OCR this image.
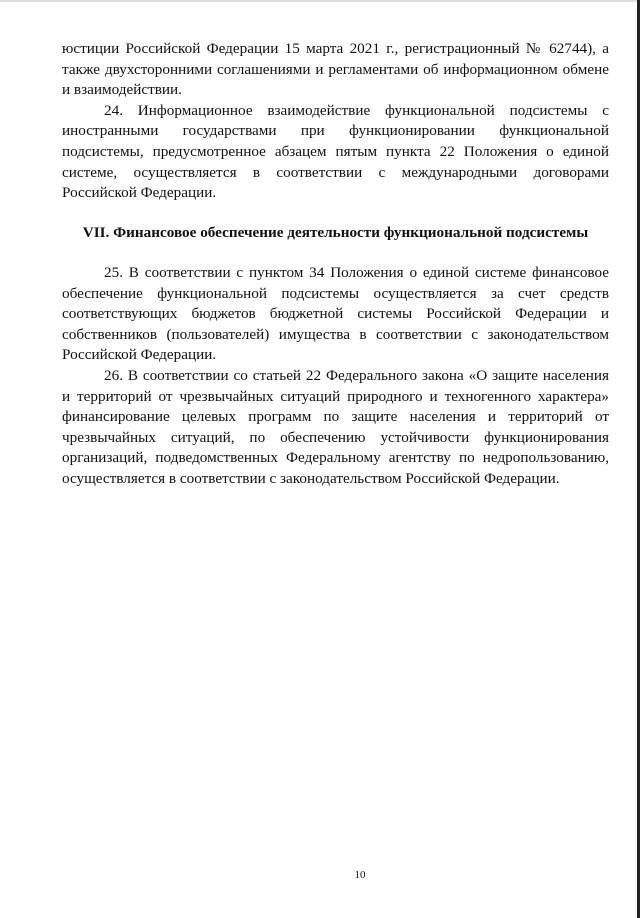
юстиции Российской Федерации 15 марта 2021 г., регистрационный № 62744), а также двухсторонними соглашениями и регламентами об информационном обмене и взаимодействии.

24. Информационное взаимодействие функциональной подсистемы с иностранными государствами при функционировании функциональной подсистемы, предусмотренное абзацем пятым пункта 22 Положения о единой системе, осуществляется в соответствии с международными договорами Российской Федерации.

VII. Финансовое обеспечение деятельности функциональной подсистемы

25. В соответствии с пунктом 34 Положения о единой системе финансовое обеспечение функциональной подсистемы осуществляется за счет средств соответствующих бюджетов бюджетной системы Российской Федерации и собственников (пользователей) имущества в соответствии с законодательством Российской Федерации.

26. В соответствии со статьей 22 Федерального закона «О защите населения и территорий от чрезвычайных ситуаций природного и техногенного характера» финансирование целевых программ по защите населения и территорий от чрезвычайных ситуаций, по обеспечению устойчивости функционирования организаций, подведомственных Федеральному агентству по недропользованию, осуществляется в соответствии с законодательством Российской Федерации.

10
